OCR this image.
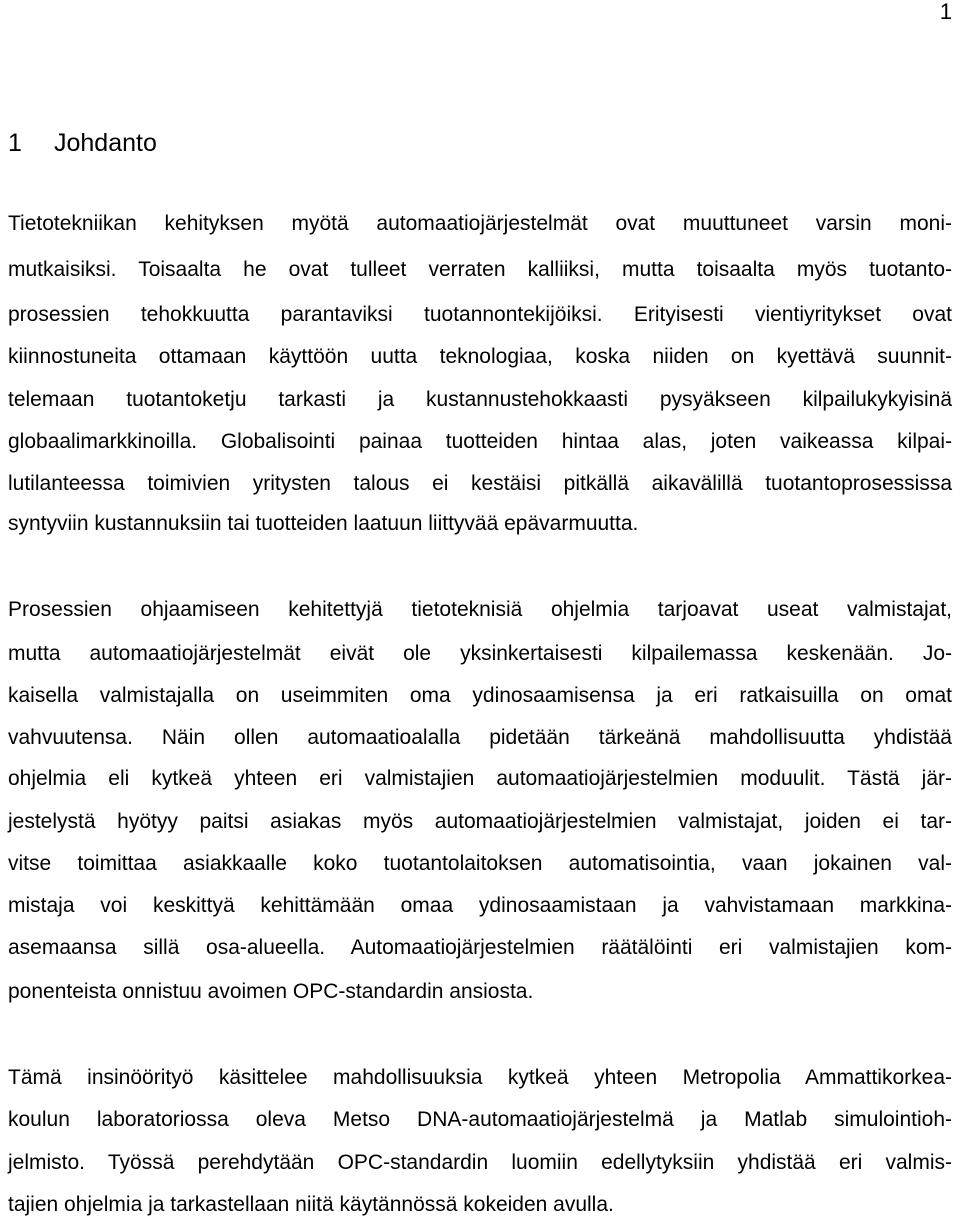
1
1 Johdanto
Tietotekniikan kehityksen myötä automaatiojärjestelmät ovat muuttuneet varsin moni-
mutkaisiksi. Toisaalta he ovat tulleet verraten kalliiksi, mutta toisaalta myös tuotanto-
prosessien tehokkuutta parantaviksi tuotannontekijöiksi. Erityisesti vientiyritykset ovat
kiinnostuneita ottamaan käyttöön uutta teknologiaa, koska niiden on kyettävä suunnit-
telemaan tuotantoketju tarkasti ja kustannustehokkaasti pysyäkseen kilpailukykyisinä
globaalimarkkinoilla. Globalisointi painaa tuotteiden hintaa alas, joten vaikeassa kilpai-
lutilanteessa toimivien yritysten talous ei kestäisi pitkällä aikavälillä tuotantoprosessissa
syntyviin kustannuksiin tai tuotteiden laatuun liittyvää epävarmuutta.
Prosessien ohjaamiseen kehitettyjä tietoteknisiä ohjelmia tarjoavat useat valmistajat,
mutta automaatiojärjestelmät eivät ole yksinkertaisesti kilpailemassa keskenään. Jo-
kaisella valmistajalla on useimmiten oma ydinosaamisensa ja eri ratkaisuilla on omat
vahvuutensa. Näin ollen automaatioalalla pidetään tärkeänä mahdollisuutta yhdistää
ohjelmia eli kytkeä yhteen eri valmistajien automaatiojärjestelmien moduulit. Tästä jär-
jestelystä hyötyy paitsi asiakas myös automaatiojärjestelmien valmistajat, joiden ei tar-
vitse toimittaa asiakkaalle koko tuotantolaitoksen automatisointia, vaan jokainen val-
mistaja voi keskittyä kehittämään omaa ydinosaamistaan ja vahvistamaan markkina-
asemaansa sillä osa-alueella. Automaatiojärjestelmien räätälöinti eri valmistajien kom-
ponenteista onnistuu avoimen OPC-standardin ansiosta.
Tämä insinöörityö käsittelee mahdollisuuksia kytkeä yhteen Metropolia Ammattikorkea-
koulun laboratoriossa oleva Metso DNA-automaatiojärjestelmä ja Matlab simulointioh-
jelmisto. Työssä perehdytään OPC-standardin luomiin edellytyksiin yhdistää eri valmis-
tajien ohjelmia ja tarkastellaan niitä käytännössä kokeiden avulla.
